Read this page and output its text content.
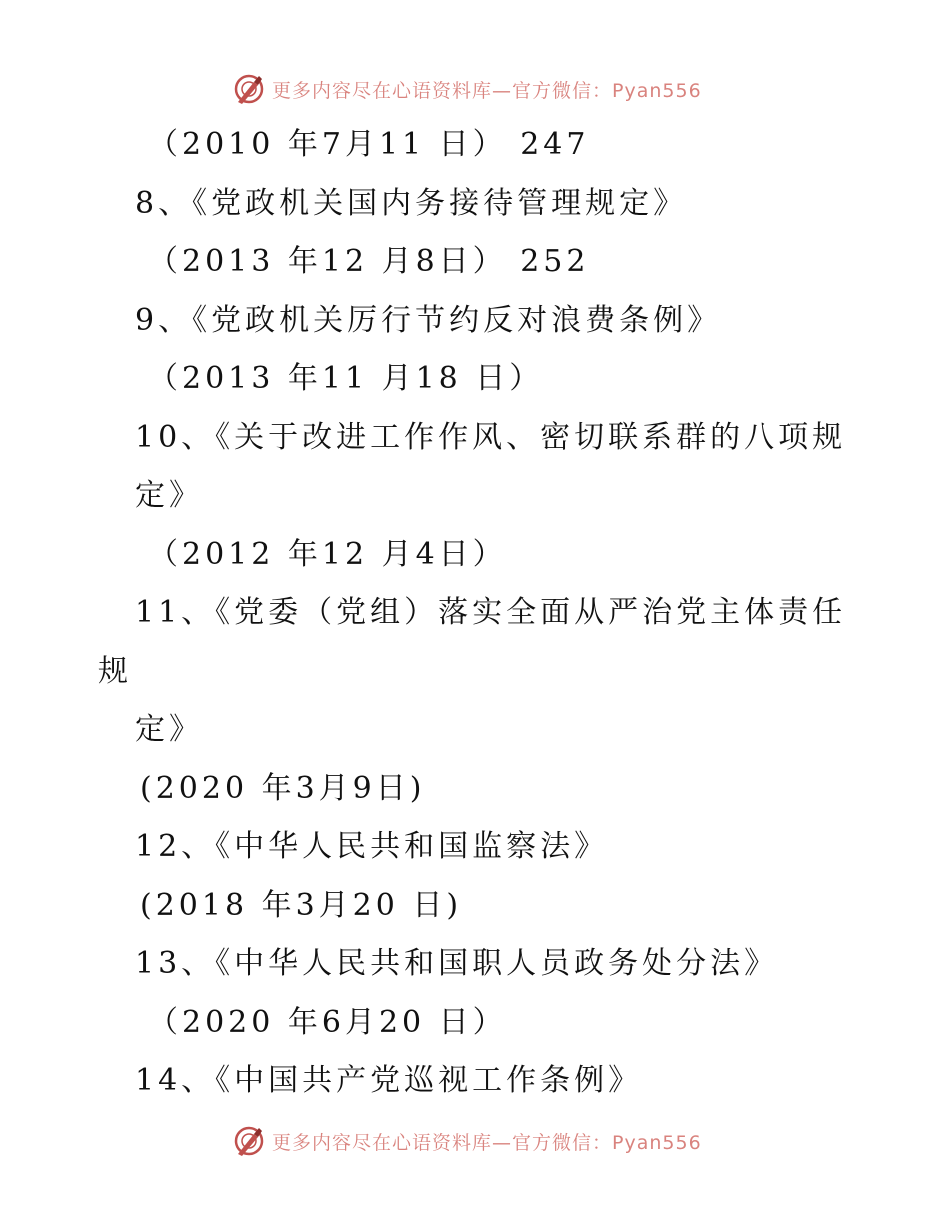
更多内容尽在心语资料库—官方微信：Pyan556
（2010 年7月11 日） 247
8、《党政机关国内务接待管理规定》
（2013 年12 月8日） 252
9、《党政机关厉行节约反对浪费条例》
（2013 年11 月18 日）
10、《关于改进工作作风、密切联系群的八项规
定》
（2012 年12 月4日）
11、《党委（党组）落实全面从严治党主体责任
规
定》
(2020 年3月9日)
12、《中华人民共和国监察法》
(2018 年3月20 日)
13、《中华人民共和国职人员政务处分法》
（2020 年6月20 日）
14、《中国共产党巡视工作条例》
更多内容尽在心语资料库—官方微信：Pyan556
